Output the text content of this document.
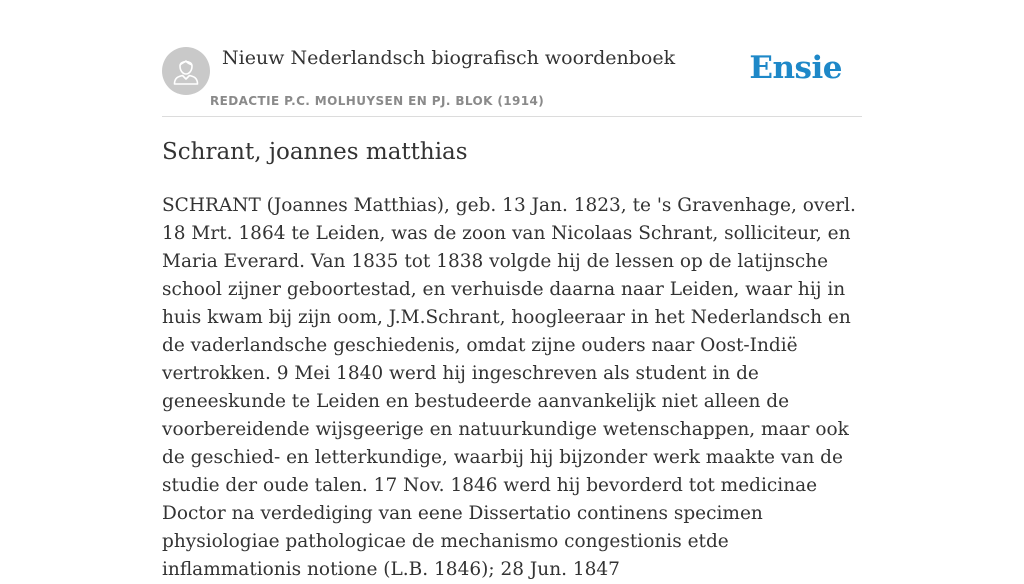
Nieuw Nederlandsch biografisch woordenboek
REDACTIE P.C. MOLHUYSEN EN PJ. BLOK (1914)
Ensie
Schrant, joannes matthias

SCHRANT (Joannes Matthias), geb. 13 Jan. 1823, te 's Gravenhage, overl. 18 Mrt. 1864 te Leiden, was de zoon van Nicolaas Schrant, solliciteur, en Maria Everard. Van 1835 tot 1838 volgde hij de lessen op de latijnsche school zijner geboortestad, en verhuisde daarna naar Leiden, waar hij in huis kwam bij zijn oom, J.M.Schrant, hoogleeraar in het Nederlandsch en de vaderlandsche geschiedenis, omdat zijne ouders naar Oost-Indië vertrokken. 9 Mei 1840 werd hij ingeschreven als student in de geneeskunde te Leiden en bestudeerde aanvankelijk niet alleen de voorbereidende wijsgeerige en natuurkundige wetenschappen, maar ook de geschied- en letterkundige, waarbij hij bijzonder werk maakte van de studie der oude talen. 17 Nov. 1846 werd hij bevorderd tot medicinae Doctor na verdediging van eene Dissertatio continens specimen physiologiae pathologicae de mechanismo congestionis etde inflammationis notione (L.B. 1846); 28 Jun. 1847
